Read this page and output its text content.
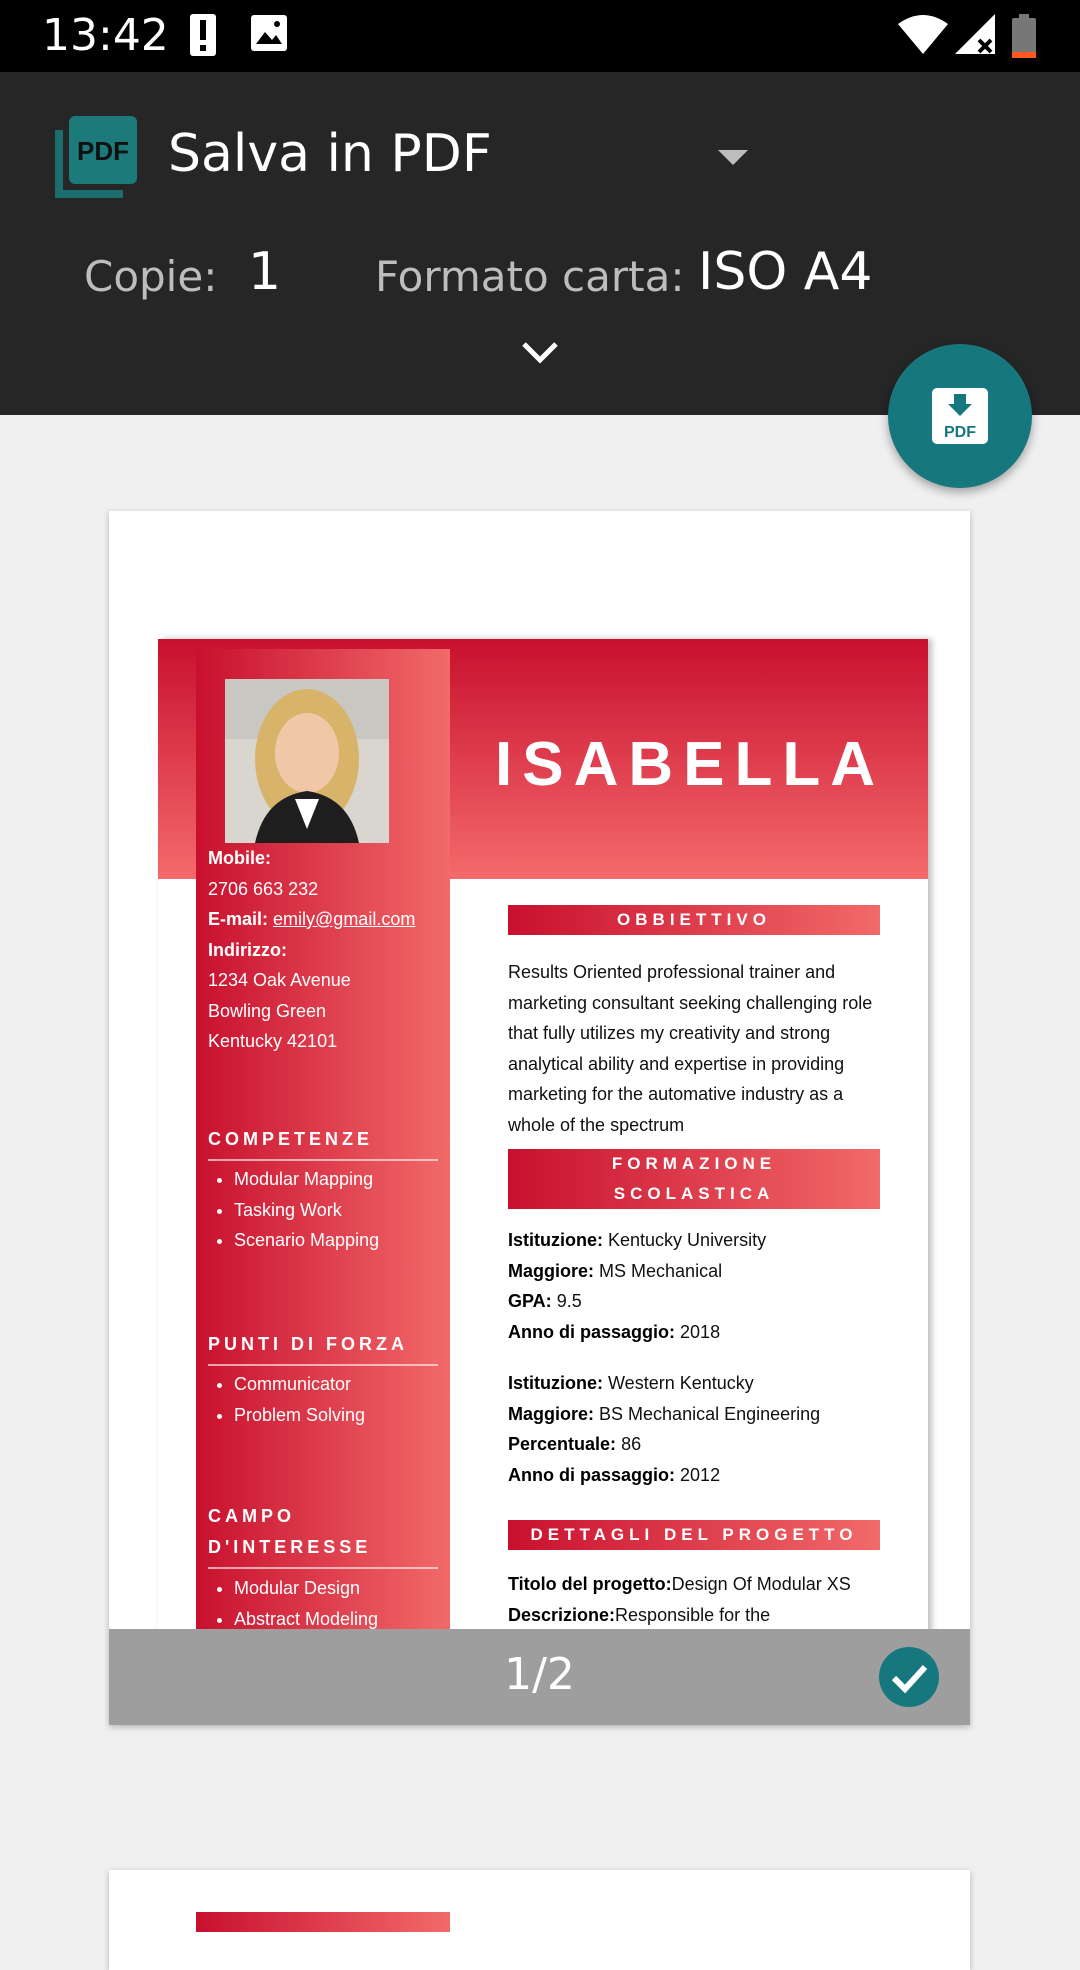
13:42
PDF Salva in PDF
Copie: 1 Formato carta: ISO A4
PDF
ISABELLA
Mobile:
2706 663 232
E-mail: emily@gmail.com
Indirizzo:
1234 Oak Avenue
Bowling Green
Kentucky 42101
COMPETENZE
• Modular Mapping
• Tasking Work
• Scenario Mapping
PUNTI DI FORZA
• Communicator
• Problem Solving
CAMPO
D'INTERESSE
• Modular Design
• Abstract Modeling
OBBIETTIVO
Results Oriented professional trainer and marketing consultant seeking challenging role that fully utilizes my creativity and strong analytical ability and expertise in providing marketing for the automative industry as a whole of the spectrum
FORMAZIONE
SCOLASTICA
Istituzione: Kentucky University
Maggiore: MS Mechanical
GPA: 9.5
Anno di passaggio: 2018
Istituzione: Western Kentucky
Maggiore: BS Mechanical Engineering
Percentuale: 86
Anno di passaggio: 2012
DETTAGLI DEL PROGETTO
Titolo del progetto:Design Of Modular XS
Descrizione:Responsible for the
1/2
